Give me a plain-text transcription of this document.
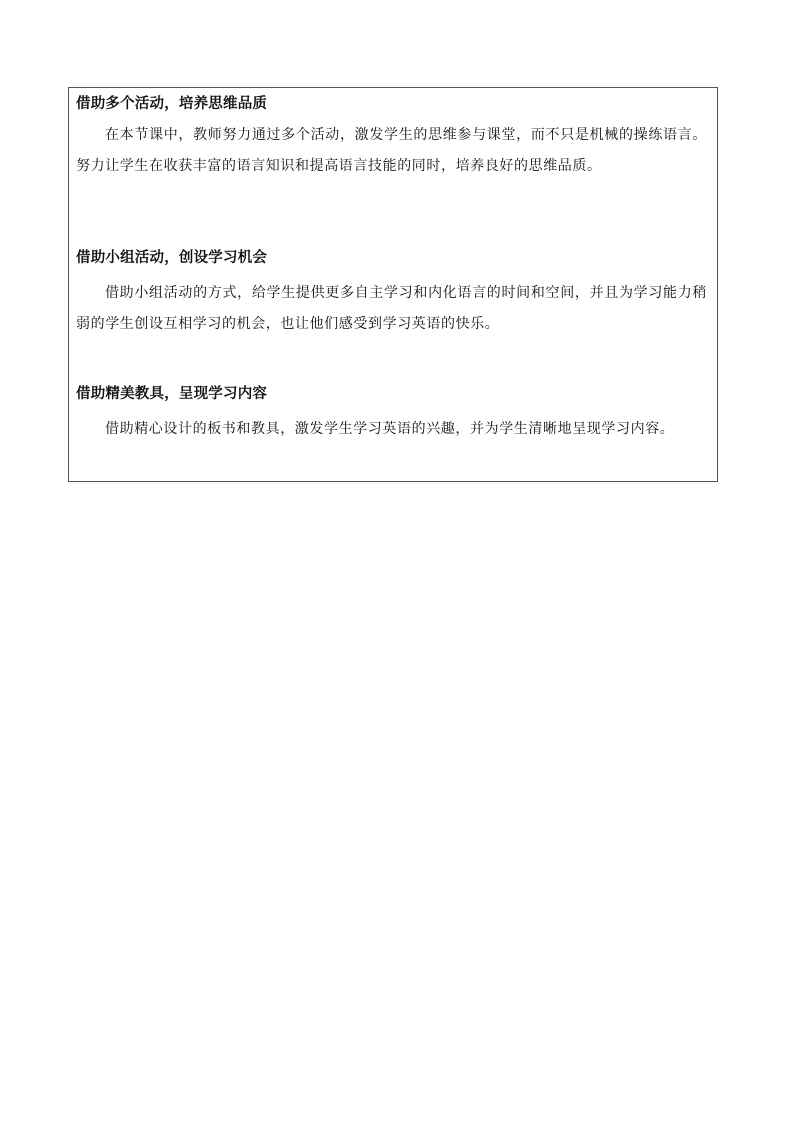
借助多个活动，培养思维品质

在本节课中，教师努力通过多个活动，激发学生的思维参与课堂，而不只是机械的操练语言。努力让学生在收获丰富的语言知识和提高语言技能的同时，培养良好的思维品质。

借助小组活动，创设学习机会

借助小组活动的方式，给学生提供更多自主学习和内化语言的时间和空间，并且为学习能力稍弱的学生创设互相学习的机会，也让他们感受到学习英语的快乐。

借助精美教具，呈现学习内容

借助精心设计的板书和教具，激发学生学习英语的兴趣，并为学生清晰地呈现学习内容。
